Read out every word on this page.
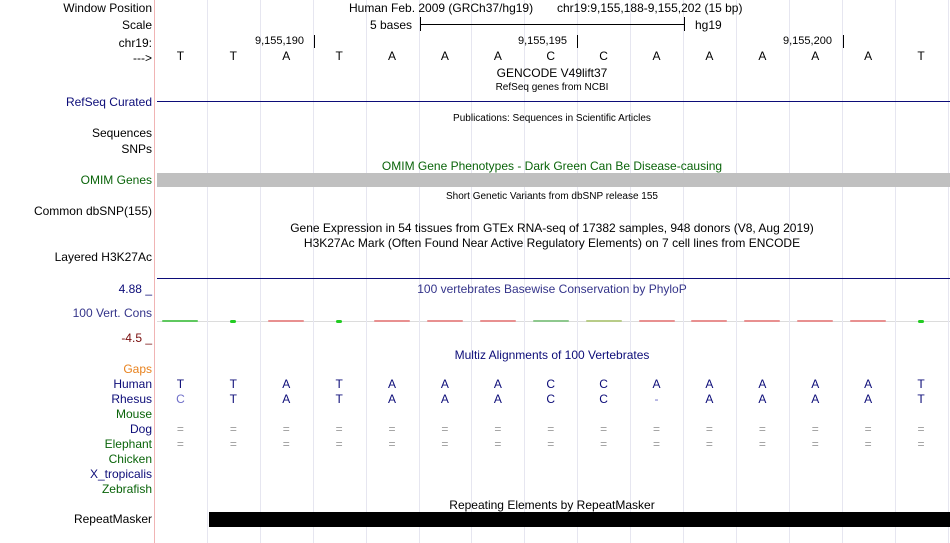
Window Position
Scale
chr19:
--->
Human Feb. 2009 (GRCh37/hg19) chr19:9,155,188-9,155,202 (15 bp)
5 bases	hg19
9,155,190	9,155,195	9,155,200
T	T	A	T	A	A	A	C	C	A	A	A	A	A	T
GENCODE V49lift37
RefSeq genes from NCBI
RefSeq Curated
Publications: Sequences in Scientific Articles
Sequences
SNPs
OMIM Gene Phenotypes - Dark Green Can Be Disease-causing
OMIM Genes
Short Genetic Variants from dbSNP release 155
Common dbSNP(155)
Gene Expression in 54 tissues from GTEx RNA-seq of 17382 samples, 948 donors (V8, Aug 2019)
H3K27Ac Mark (Often Found Near Active Regulatory Elements) on 7 cell lines from ENCODE
Layered H3K27Ac
4.88 _	100 vertebrates Basewise Conservation by PhyloP
100 Vert. Cons
-4.5 _
Multiz Alignments of 100 Vertebrates
Gaps
Human T	T	A	T	A	A	A	C	C	A	A	A	A	A	T
Rhesus C	T	A	T	A	A	A	C	C	-	A	A	A	A	T
Mouse
Dog =	=	=	=	=	=	=	=	=	=	=	=	=	=	=
Elephant =	=	=	=	=	=	=	=	=	=	=	=	=	=	=
Chicken
X_tropicalis
Zebrafish
Repeating Elements by RepeatMasker
RepeatMasker
